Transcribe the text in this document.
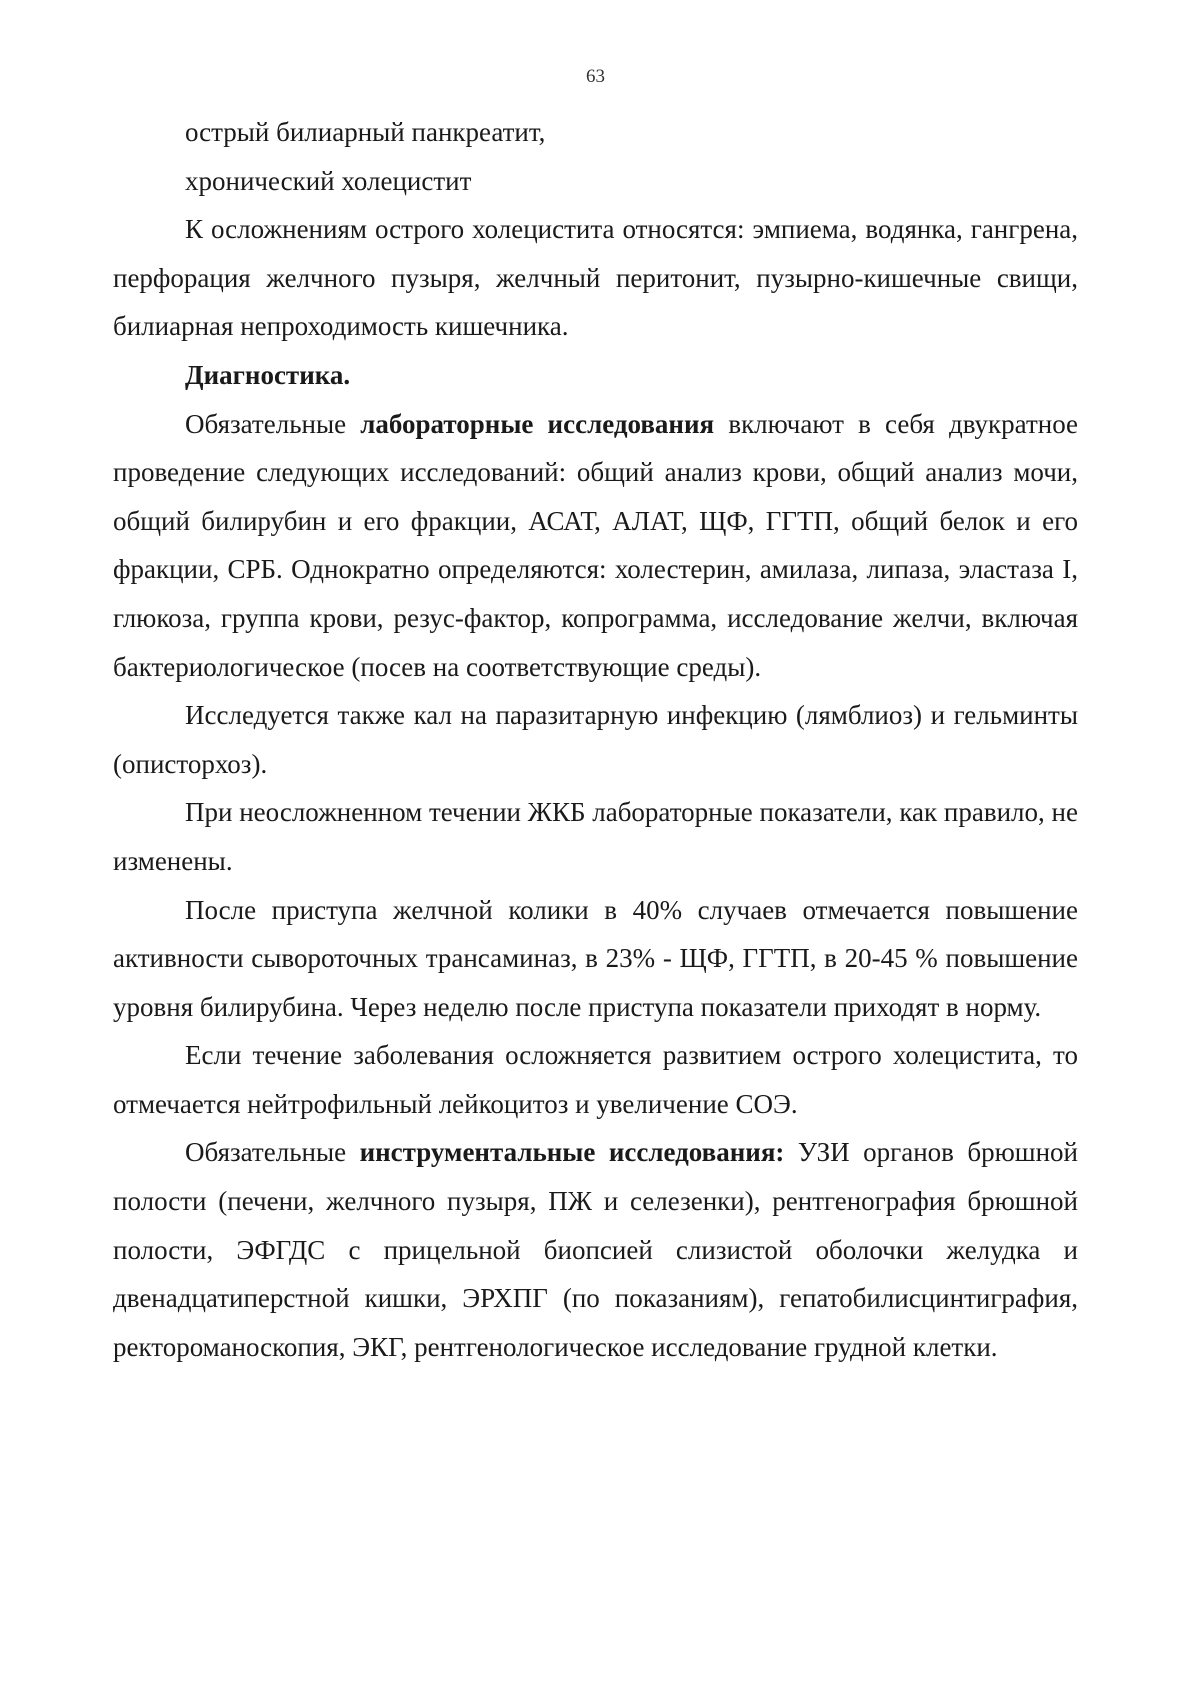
63

острый билиарный панкреатит,

хронический холецистит

К осложнениям острого холецистита относятся: эмпиема, водянка, гангрена, перфорация желчного пузыря, желчный перитонит, пузырно-кишечные свищи, билиарная непроходимость кишечника.

Диагностика.

Обязательные лабораторные исследования включают в себя двукратное проведение следующих исследований: общий анализ крови, общий анализ мочи, общий билирубин и его фракции, АСАТ, АЛАТ, ЩФ, ГГТП, общий белок и его фракции, СРБ. Однократно определяются: холестерин, амилаза, липаза, эластаза I, глюкоза, группа крови, резус-фактор, копрограмма, исследование желчи, включая бактериологическое (посев на соответствующие среды).

Исследуется также кал на паразитарную инфекцию (лямблиоз) и гельминты (описторхоз).

При неосложненном течении ЖКБ лабораторные показатели, как правило, не изменены.

После приступа желчной колики в 40% случаев отмечается повышение активности сывороточных трансаминаз, в 23% - ЩФ, ГГТП, в 20-45 % повышение уровня билирубина. Через неделю после приступа показатели приходят в норму.

Если течение заболевания осложняется развитием острого холецистита, то отмечается нейтрофильный лейкоцитоз и увеличение СОЭ.

Обязательные инструментальные исследования: УЗИ органов брюшной полости (печени, желчного пузыря, ПЖ и селезенки), рентгенография брюшной полости, ЭФГДС с прицельной биопсией слизистой оболочки желудка и двенадцатиперстной кишки, ЭРХПГ (по показаниям), гепатобилисцинтиграфия, ректороманоскопия, ЭКГ, рентгенологическое исследование грудной клетки.
